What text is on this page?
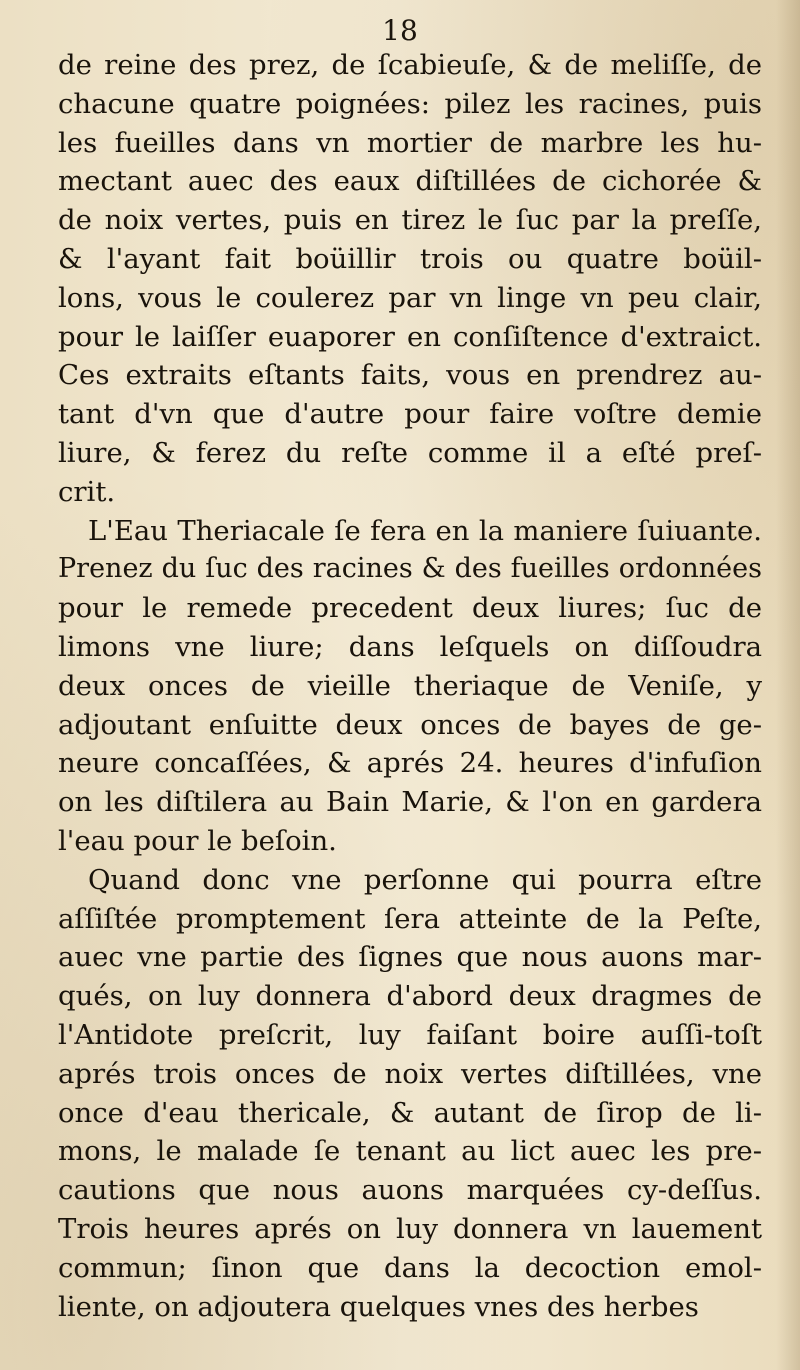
18

de reine des prez, de ſcabieuſe, & de meliſſe, de
chacune quatre poignées: pilez les racines, puis
les fueilles dans vn mortier de marbre les hu-
mectant auec des eaux diſtillées de cichorée &
de noix vertes, puis en tirez le ſuc par la preſſe,
& l'ayant fait boüillir trois ou quatre boüil-
lons, vous le coulerez par vn linge vn peu clair,
pour le laiſſer euaporer en conſiſtence d'extraict.
Ces extraits eſtants faits, vous en prendrez au-
tant d'vn que d'autre pour faire voſtre demie
liure, & ferez du reſte comme il a eſté preſ-
crit.
L'Eau Theriacale ſe fera en la maniere ſuiuante.
Prenez du ſuc des racines & des fueilles ordonnées
pour le remede precedent deux liures; ſuc de
limons vne liure; dans leſquels on diſſoudra
deux onces de vieille theriaque de Veniſe, y
adjoutant enſuitte deux onces de bayes de ge-
neure concaſſées, & aprés 24. heures d'infuſion
on les diſtilera au Bain Marie, & l'on en gardera
l'eau pour le beſoin.
Quand donc vne perſonne qui pourra eſtre
aſſiſtée promptement ſera atteinte de la Peſte,
auec vne partie des ſignes que nous auons mar-
qués, on luy donnera d'abord deux dragmes de
l'Antidote preſcrit, luy faiſant boire auſſi-toſt
aprés trois onces de noix vertes diſtillées, vne
once d'eau thericale, & autant de ſirop de li-
mons, le malade ſe tenant au lict auec les pre-
cautions que nous auons marquées cy-deſſus.
Trois heures aprés on luy donnera vn lauement
commun; ſinon que dans la decoction emol-
liente, on adjoutera quelques vnes des herbes
